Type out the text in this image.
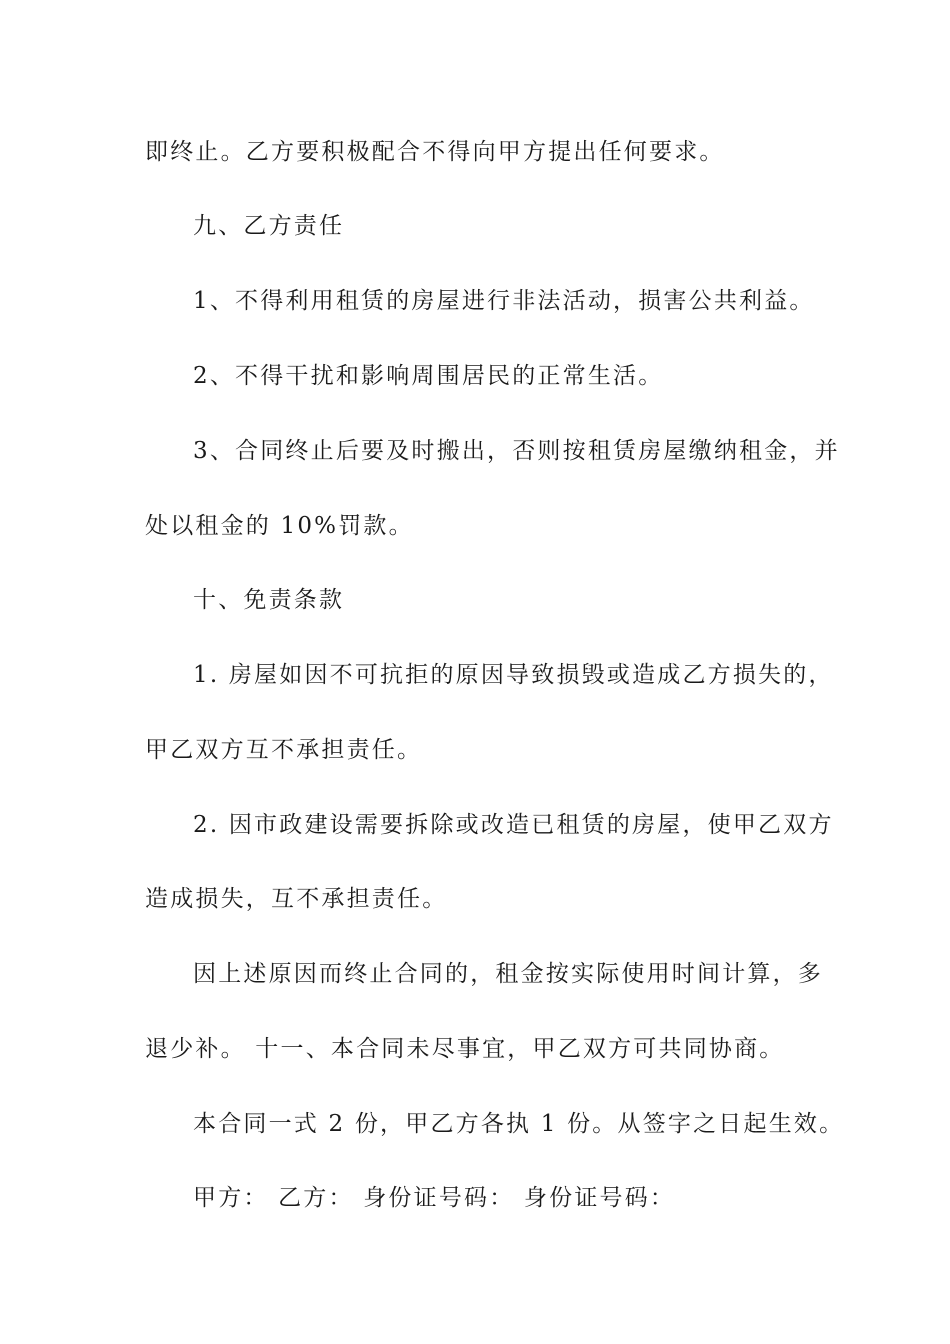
即终止。乙方要积极配合不得向甲方提出任何要求。
九、乙方责任
1、不得利用租赁的房屋进行非法活动，损害公共利益。
2、不得干扰和影响周围居民的正常生活。
3、合同终止后要及时搬出，否则按租赁房屋缴纳租金，并
处以租金的 10%罚款。
十、免责条款
1. 房屋如因不可抗拒的原因导致损毁或造成乙方损失的，
甲乙双方互不承担责任。
2. 因市政建设需要拆除或改造已租赁的房屋，使甲乙双方
造成损失，互不承担责任。
因上述原因而终止合同的，租金按实际使用时间计算，多
退少补。 十一、本合同未尽事宜，甲乙双方可共同协商。
本合同一式 2 份，甲乙方各执 1 份。从签字之日起生效。
甲方： 乙方： 身份证号码： 身份证号码：
